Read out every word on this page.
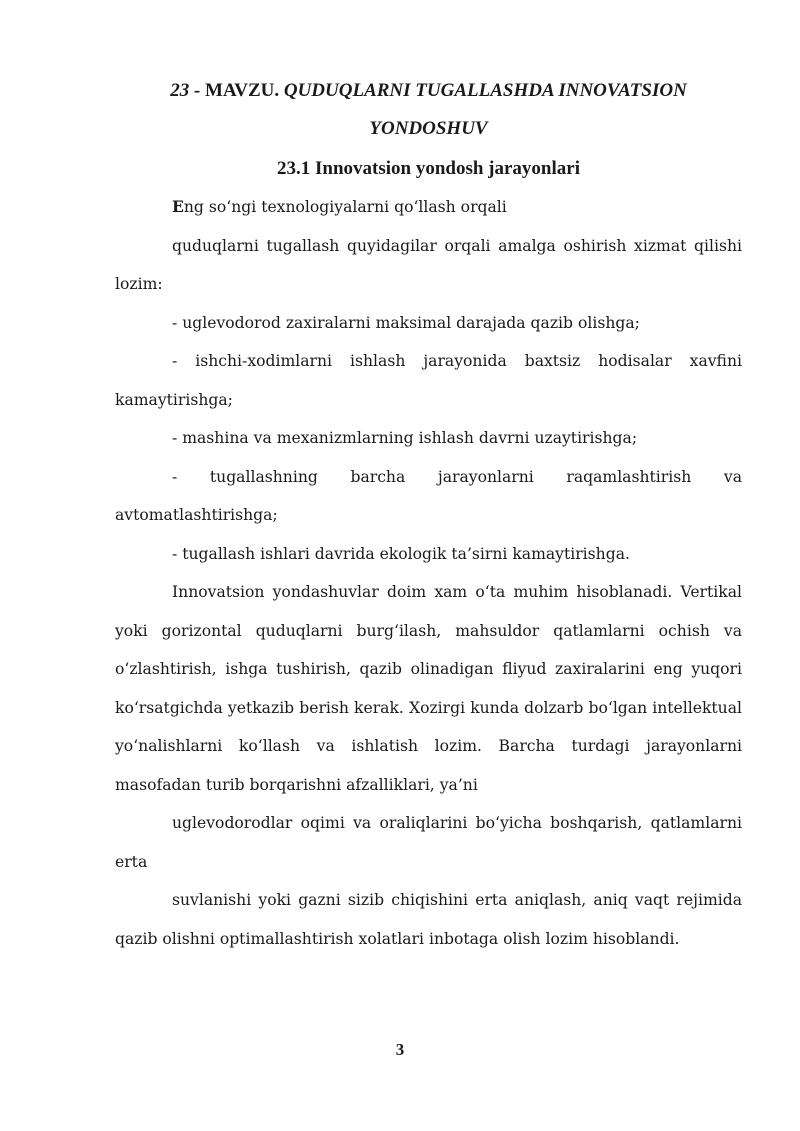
23 - MAVZU. QUDUQLARNI TUGALLASHDA INNOVATSION YONDOSHUV
23.1 Innovatsion yondosh jarayonlari

Eng so‘ngi texnologiyalarni qo‘llash orqali

quduqlarni tugallash quyidagilar orqali amalga oshirish xizmat qilishi lozim:

- uglevodorod zaxiralarni maksimal darajada qazib olishga;

- ishchi-xodimlarni ishlash jarayonida baxtsiz hodisalar xavfini kamaytirishga;

- mashina va mexanizmlarning ishlash davrni uzaytirishga;

- tugallashning barcha jarayonlarni raqamlashtirish va avtomatlashtirishga;

- tugallash ishlari davrida ekologik ta’sirni kamaytirishga.

Innovatsion yondashuvlar doim xam o‘ta muhim hisoblanadi. Vertikal yoki gorizontal quduqlarni burg‘ilash, mahsuldor qatlamlarni ochish va o‘zlashtirish, ishga tushirish, qazib olinadigan fliyud zaxiralarini eng yuqori ko‘rsatgichda yetkazib berish kerak. Xozirgi kunda dolzarb bo‘lgan intellektual yo‘nalishlarni ko‘llash va ishlatish lozim. Barcha turdagi jarayonlarni masofadan turib borqarishni afzalliklari, ya’ni

uglevodorodlar oqimi va oraliqlarini bo‘yicha boshqarish, qatlamlarni erta

suvlanishi yoki gazni sizib chiqishini erta aniqlash, aniq vaqt rejimida qazib olishni optimallashtirish xolatlari inbotaga olish lozim hisoblandi.

3
